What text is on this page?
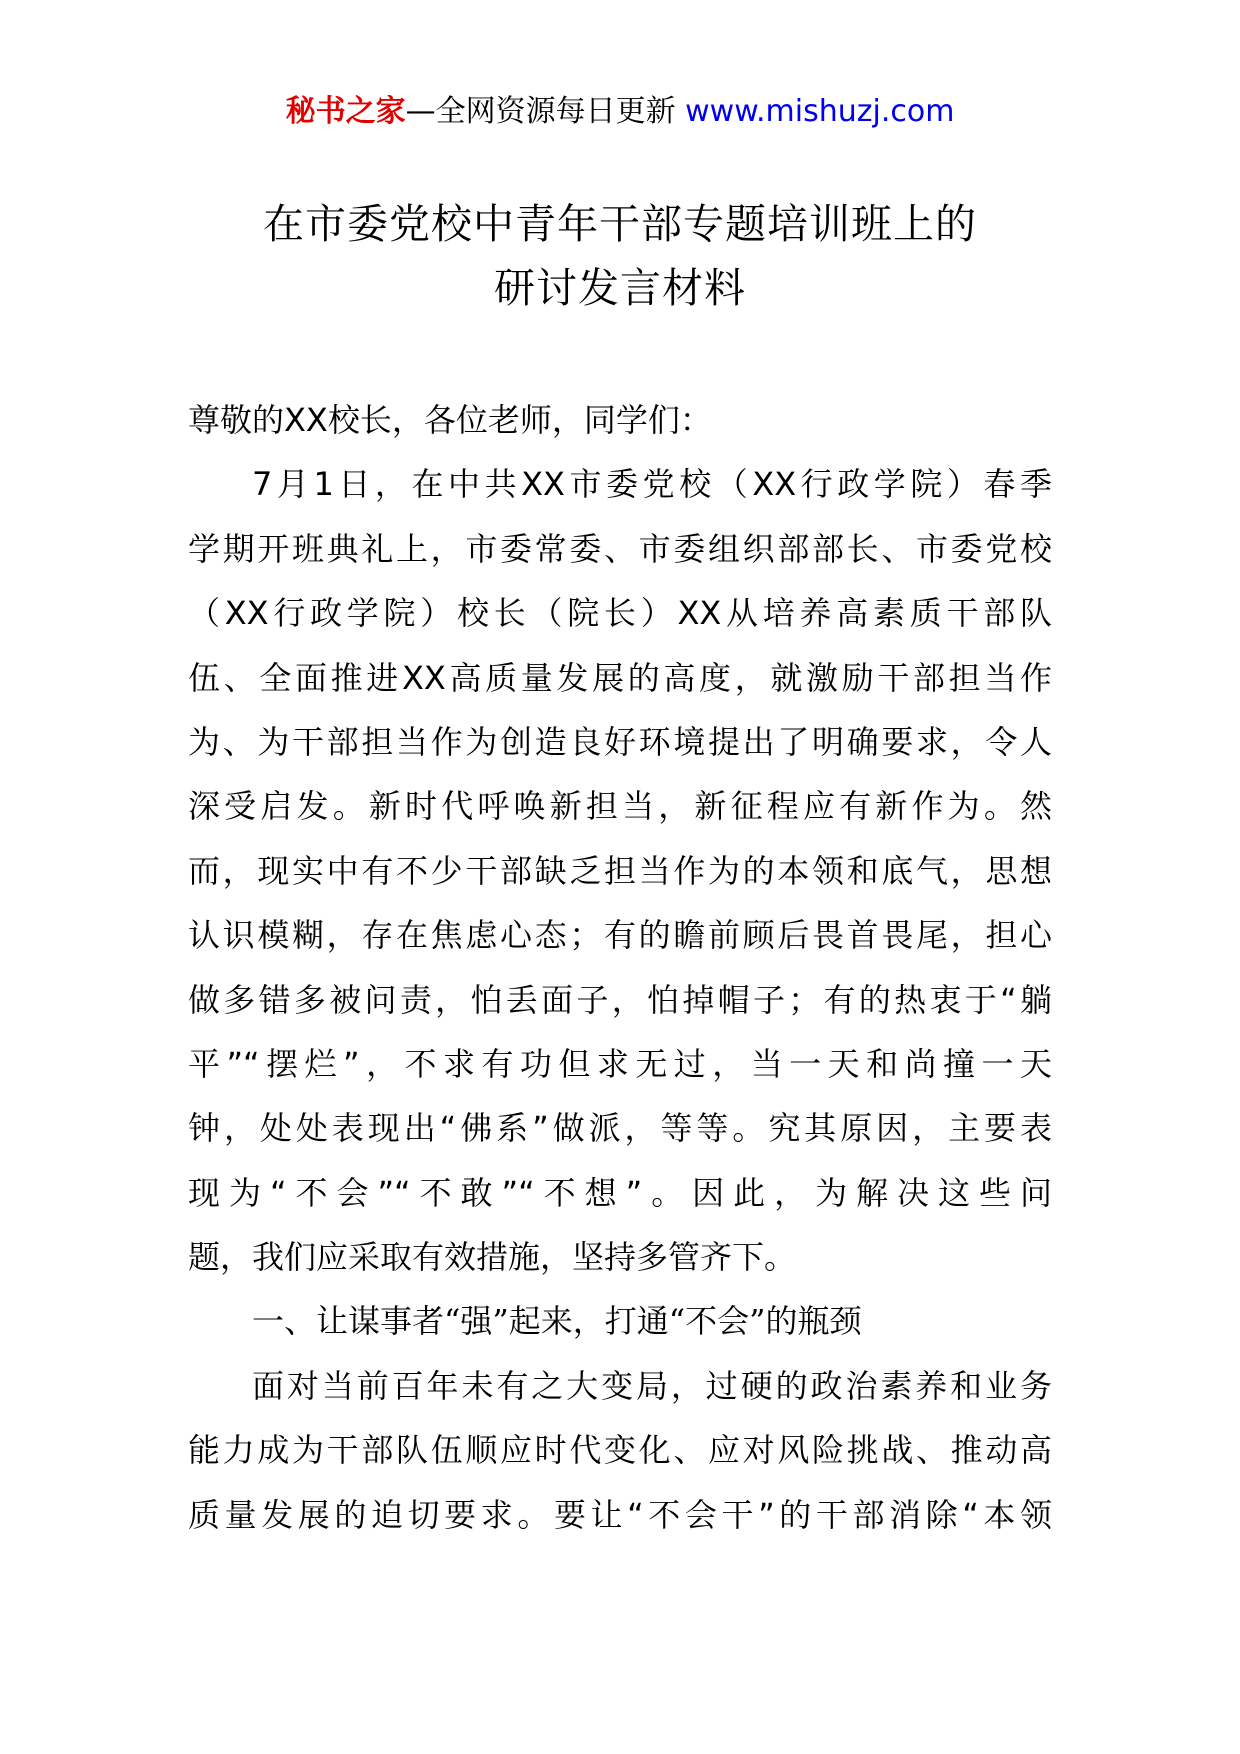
秘书之家—全网资源每日更新 www.mishuzj.com
在市委党校中青年干部专题培训班上的
研讨发言材料
尊敬的XX校长，各位老师，同学们：
7月1日，在中共XX市委党校（XX行政学院）春季
学期开班典礼上，市委常委、市委组织部部长、市委党校
（XX行政学院）校长（院长）XX从培养高素质干部队
伍、全面推进XX高质量发展的高度，就激励干部担当作
为、为干部担当作为创造良好环境提出了明确要求，令人
深受启发。新时代呼唤新担当，新征程应有新作为。然
而，现实中有不少干部缺乏担当作为的本领和底气，思想
认识模糊，存在焦虑心态；有的瞻前顾后畏首畏尾，担心
做多错多被问责，怕丢面子，怕掉帽子；有的热衷于“躺
平”“摆烂”，不求有功但求无过，当一天和尚撞一天
钟，处处表现出“佛系”做派，等等。究其原因，主要表
现为“不会”“不敢”“不想”。因此，为解决这些问
题，我们应采取有效措施，坚持多管齐下。
一、让谋事者“强”起来，打通“不会”的瓶颈
面对当前百年未有之大变局，过硬的政治素养和业务
能力成为干部队伍顺应时代变化、应对风险挑战、推动高
质量发展的迫切要求。要让“不会干”的干部消除“本领
